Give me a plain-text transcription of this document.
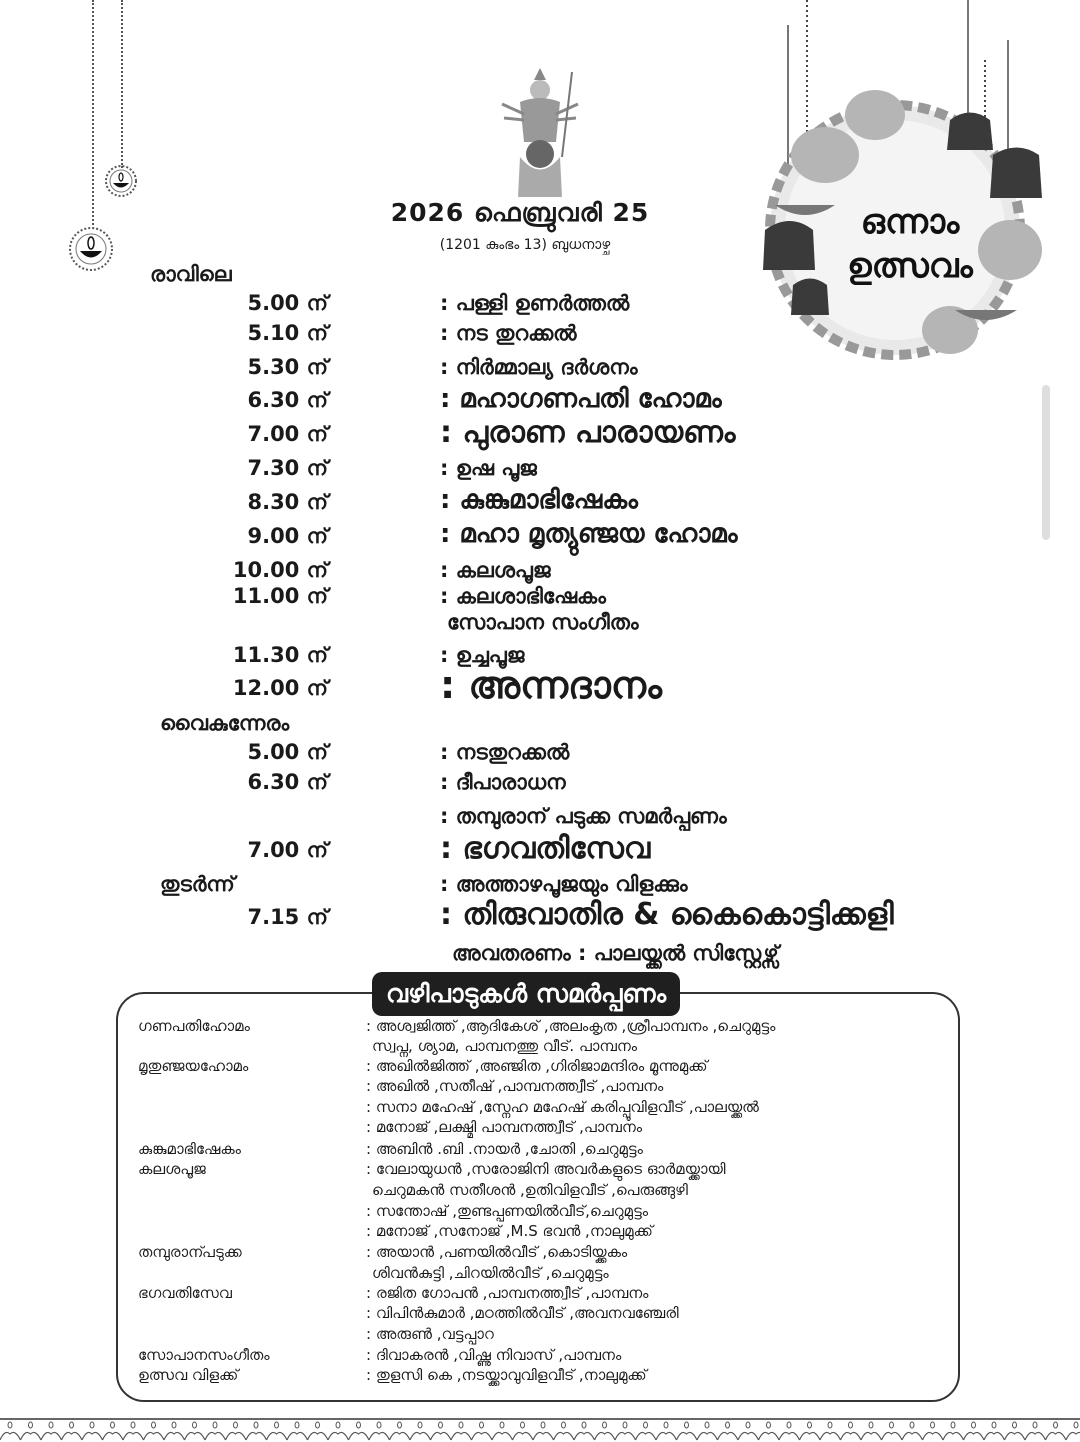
ഒന്നാം
ഉത്സവം
2026 ഫെബ്രുവരി 25
(1201 കുംഭം 13) ബുധനാഴ്ച
രാവിലെ
5.00 ന്	: പള്ളി ഉണർത്തൽ
5.10 ന്	: നട തുറക്കൽ
5.30 ന്	: നിർമ്മാല്യ ദർശനം
6.30 ന്	: മഹാഗണപതി ഹോമം
7.00 ന്	: പുരാണ പാരായണം
7.30 ന്	: ഉഷ പൂജ
8.30 ന്	: കുങ്കുമാഭിഷേകം
9.00 ന്	: മഹാ മൃത്യുഞ്ജയ ഹോമം
10.00 ന്	: കലശപൂജ
11.00 ന്	: കലശാഭിഷേകം
സോപാന സംഗീതം
11.30 ന്	: ഉച്ചപൂജ
12.00 ന്	: അന്നദാനം
വൈകുന്നേരം
5.00 ന്	: നടതുറക്കൽ
6.30 ന്	: ദീപാരാധന
: തമ്പുരാന് പടുക്ക സമർപ്പണം
7.00 ന്	: ഭഗവതിസേവ
തുടർന്ന്	: അത്താഴപൂജയും വിളക്കും
7.15 ന്	: തിരുവാതിര & കൈകൊട്ടിക്കളി
അവതരണം : പാലയ്ക്കൽ സിസ്റ്റേഴ്സ്
വഴിപാടുകൾ സമർപ്പണം
ഗണപതിഹോമം	: അശ്വജിത്ത് ,ആദികേശ് ,അലംകൃത ,ശ്രീപാമ്പനം ,ചെറുമുട്ടം
സ്വപ്ന, ശ്യാമ, പാമ്പനത്തു വീട്. പാമ്പനം
മൃതുഞ്ജയഹോമം	: അഖിൽജിത്ത് ,അഞ്ജിത ,ഗിരിജാമന്ദിരം മൂന്നുമുക്ക്
: അഖിൽ ,സതീഷ് ,പാമ്പനത്ത്വീട് ,പാമ്പനം
: സനാ മഹേഷ് ,സ്നേഹ മഹേഷ് കരിപ്പൂവിളവീട് ,പാലയ്ക്കൽ
: മനോജ് ,ലക്ഷ്മി പാമ്പനത്ത്വീട് ,പാമ്പനം
കുങ്കുമാഭിഷേകം	: അബിൻ .ബി .നായർ ,ചോതി ,ചെറുമുട്ടം
കലശപൂജ	: വേലായുധൻ ,സരോജിനി അവർകളുടെ ഓർമയ്ക്കായി
ചെറുമകൻ സതീശൻ ,ഉതിവിളവീട് ,പെരുങ്ങുഴി
: സന്തോഷ് ,തുണ്ടപ്പണയിൽവീട്,ചെറുമുട്ടം
: മനോജ് ,സനോജ് ,M.S ഭവൻ ,നാലുമുക്ക്
തമ്പുരാന്പടുക്ക	: അയാൻ ,പണയിൽവീട് ,കൊടിയ്ക്കകം
ശിവൻകുട്ടി ,ചിറയിൽവീട് ,ചെറുമുട്ടം
ഭഗവതിസേവ	: രജിത ഗോപൻ ,പാമ്പനത്ത്വീട് ,പാമ്പനം
: വിപിൻകുമാർ ,മഠത്തിൽവീട് ,അവനവഞ്ചേരി
: അരുൺ ,വട്ടപ്പാറ
സോപാനസംഗീതം	: ദിവാകരൻ ,വിഷ്ണു നിവാസ് ,പാമ്പനം
ഉത്സവ വിളക്ക്	: തുളസി കെ ,നടയ്ക്കാവുവിളവീട് ,നാലുമുക്ക്
